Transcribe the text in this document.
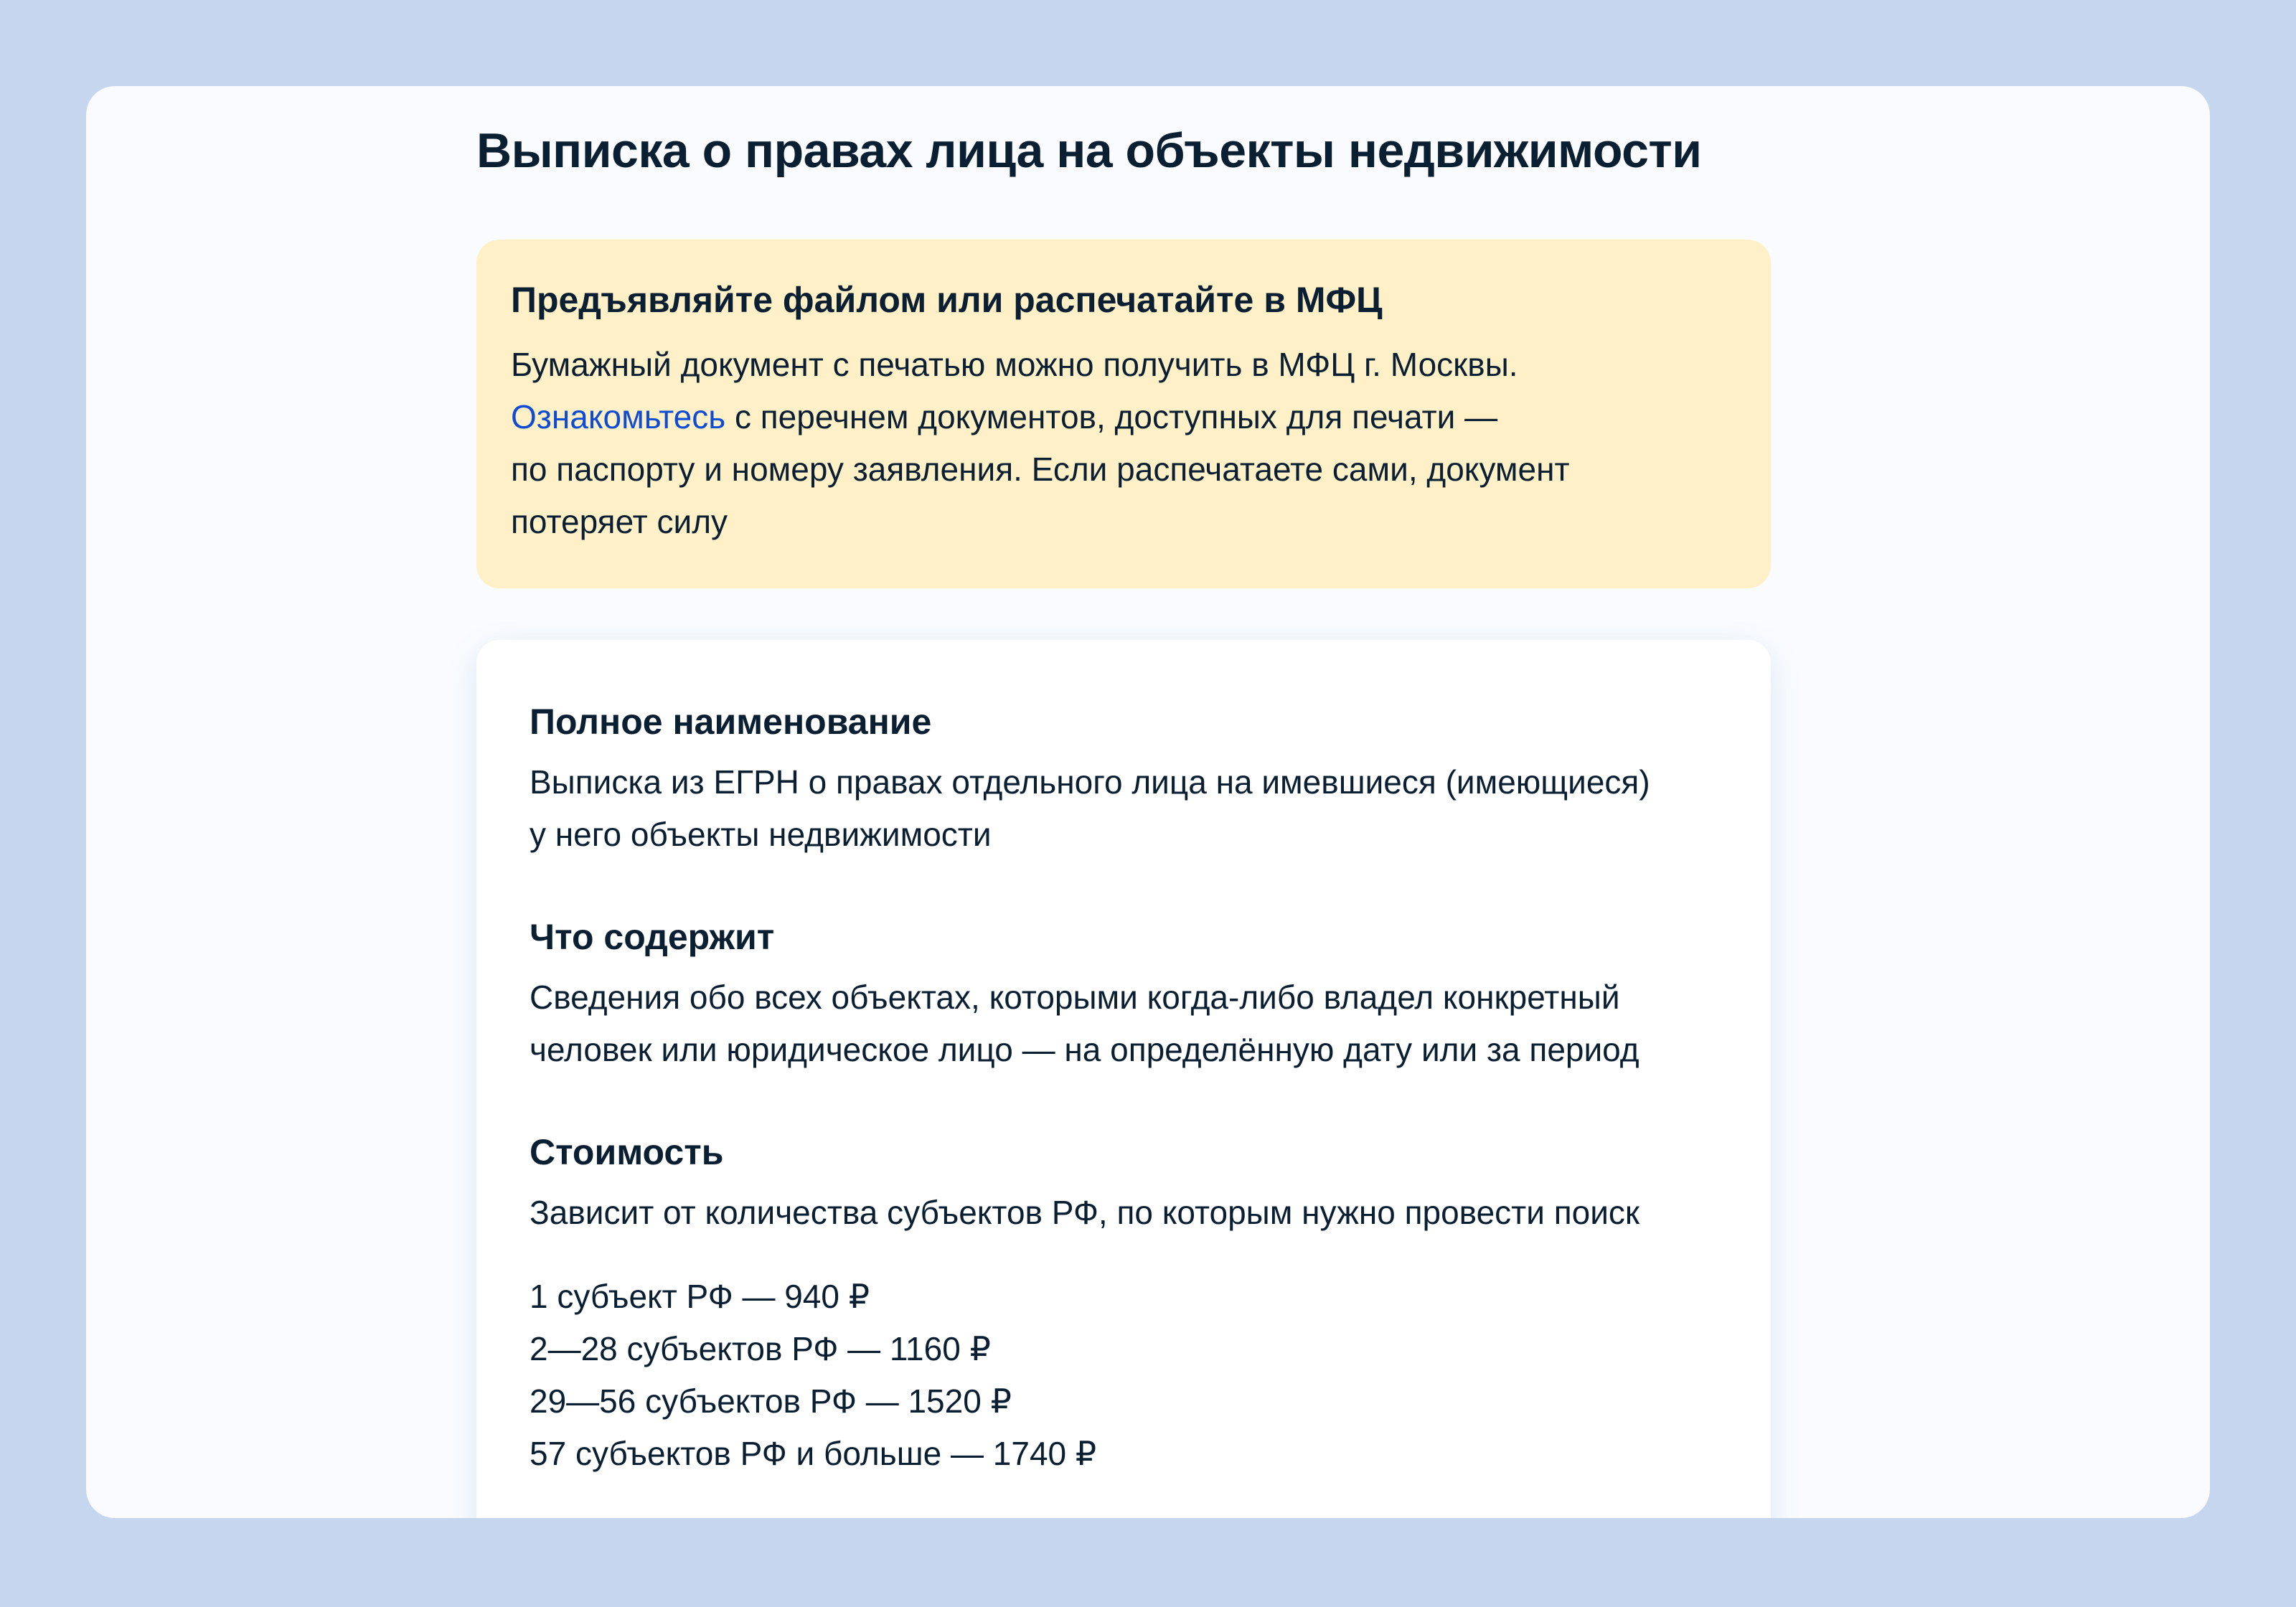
Выписка о правах лица на объекты недвижимости
Предъявляйте файлом или распечатайте в МФЦ

Бумажный документ с печатью можно получить в МФЦ г. Москвы.
Ознакомьтесь с перечнем документов, доступных для печати —
по паспорту и номеру заявления. Если распечатаете сами, документ
потеряет силу

Полное наименование

Выписка из ЕГРН о правах отдельного лица на имевшиеся (имеющиеся)
у него объекты недвижимости

Что содержит

Сведения обо всех объектах, которыми когда-либо владел конкретный
человек или юридическое лицо — на определённую дату или за период

Стоимость

Зависит от количества субъектов РФ, по которым нужно провести поиск

1 субъект РФ — 940 ₽
2—28 субъектов РФ — 1160 ₽
29—56 субъектов РФ — 1520 ₽
57 субъектов РФ и больше — 1740 ₽
